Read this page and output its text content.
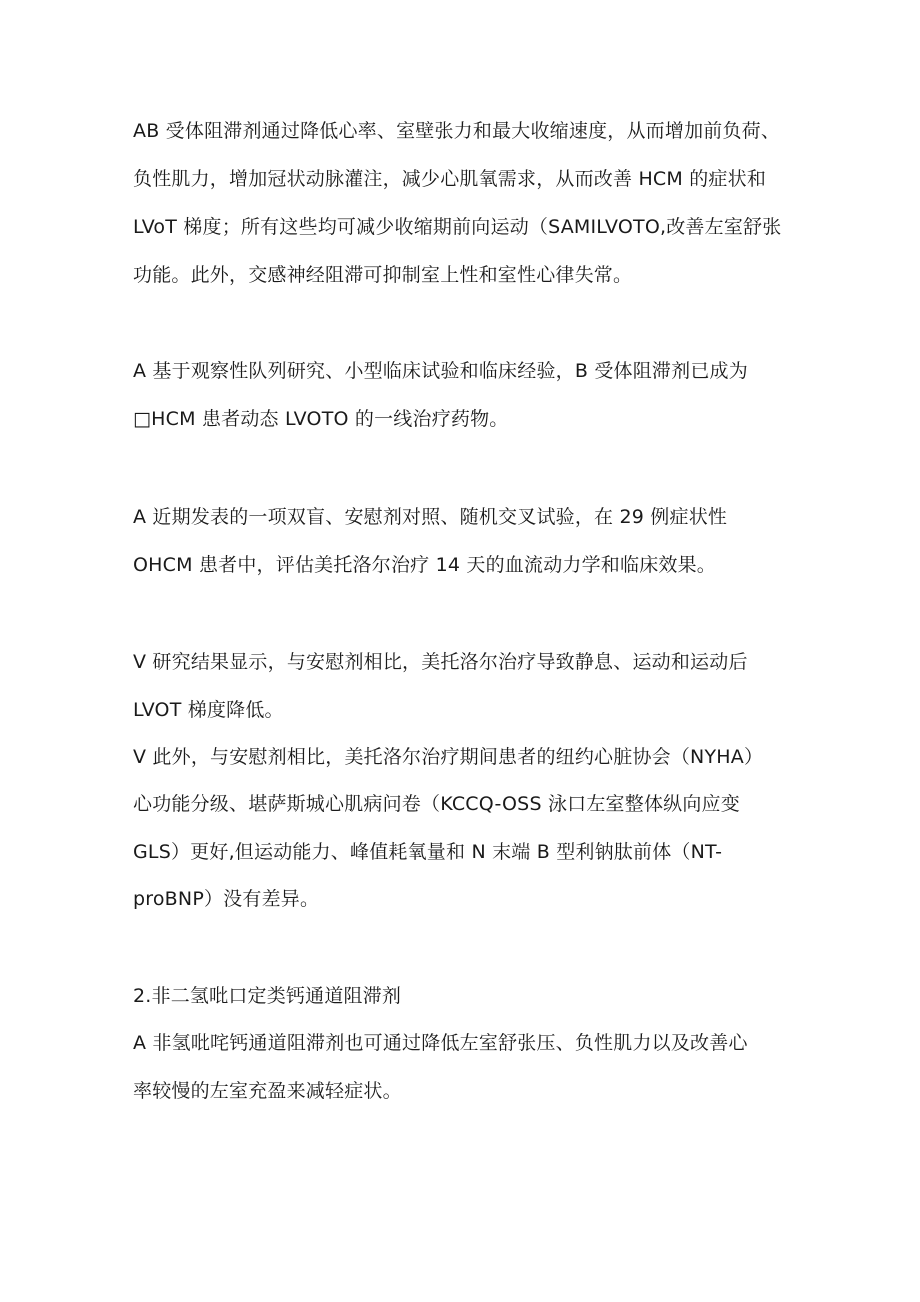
AB 受体阻滞剂通过降低心率、室壁张力和最大收缩速度，从而增加前负荷、
负性肌力，增加冠状动脉灌注，减少心肌氧需求，从而改善 HCM 的症状和
LVoT 梯度；所有这些均可减少收缩期前向运动（SAMILVOTO,改善左室舒张
功能。此外，交感神经阻滞可抑制室上性和室性心律失常。
A 基于观察性队列研究、小型临床试验和临床经验，B 受体阻滞剂已成为
□HCM 患者动态 LVOTO 的一线治疗药物。
A 近期发表的一项双盲、安慰剂对照、随机交叉试验，在 29 例症状性
OHCM 患者中，评估美托洛尔治疗 14 天的血流动力学和临床效果。
V 研究结果显示，与安慰剂相比，美托洛尔治疗导致静息、运动和运动后
LVOT 梯度降低。
V 此外，与安慰剂相比，美托洛尔治疗期间患者的纽约心脏协会（NYHA）
心功能分级、堪萨斯城心肌病问卷（KCCQ-OSS 泳口左室整体纵向应变
GLS）更好,但运动能力、峰值耗氧量和 N 末端 B 型利钠肽前体（NT-
proBNP）没有差异。
2.非二氢吡口定类钙通道阻滞剂
A 非氢吡咤钙通道阻滞剂也可通过降低左室舒张压、负性肌力以及改善心
率较慢的左室充盈来减轻症状。
